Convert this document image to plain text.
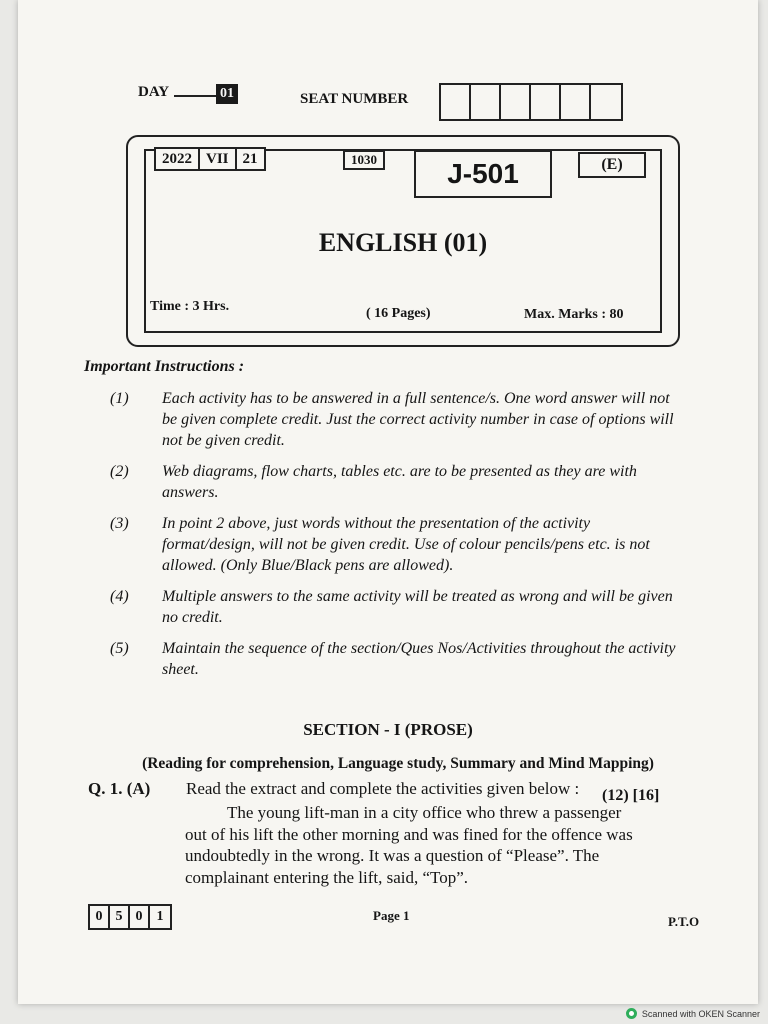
DAY	01	SEAT NUMBER
2022 VII 21	1030	J-501	(E)
ENGLISH (01)
Time : 3 Hrs.	( 16 Pages)	Max. Marks : 80
Important Instructions :
(1)	Each activity has to be answered in a full sentence/s. One word answer will not be given complete credit. Just the correct activity number in case of options will not be given credit.
(2)	Web diagrams, flow charts, tables etc. are to be presented as they are with answers.
(3)	In point 2 above, just words without the presentation of the activity format/design, will not be given credit. Use of colour pencils/pens etc. is not allowed. (Only Blue/Black pens are allowed).
(4)	Multiple answers to the same activity will be treated as wrong and will be given no credit.
(5)	Maintain the sequence of the section/Ques Nos/Activities throughout the activity sheet.
SECTION - I (PROSE)
(Reading for comprehension, Language study, Summary and Mind Mapping)
Q. 1. (A) Read the extract and complete the activities given below : (12) [16]
The young lift-man in a city office who threw a passenger out of his lift the other morning and was fined for the offence was undoubtedly in the wrong. It was a question of “Please”. The complainant entering the lift, said, “Top”.
0 5 0	1	Page 1	P.T.O
Scanned with OKEN Scanner
